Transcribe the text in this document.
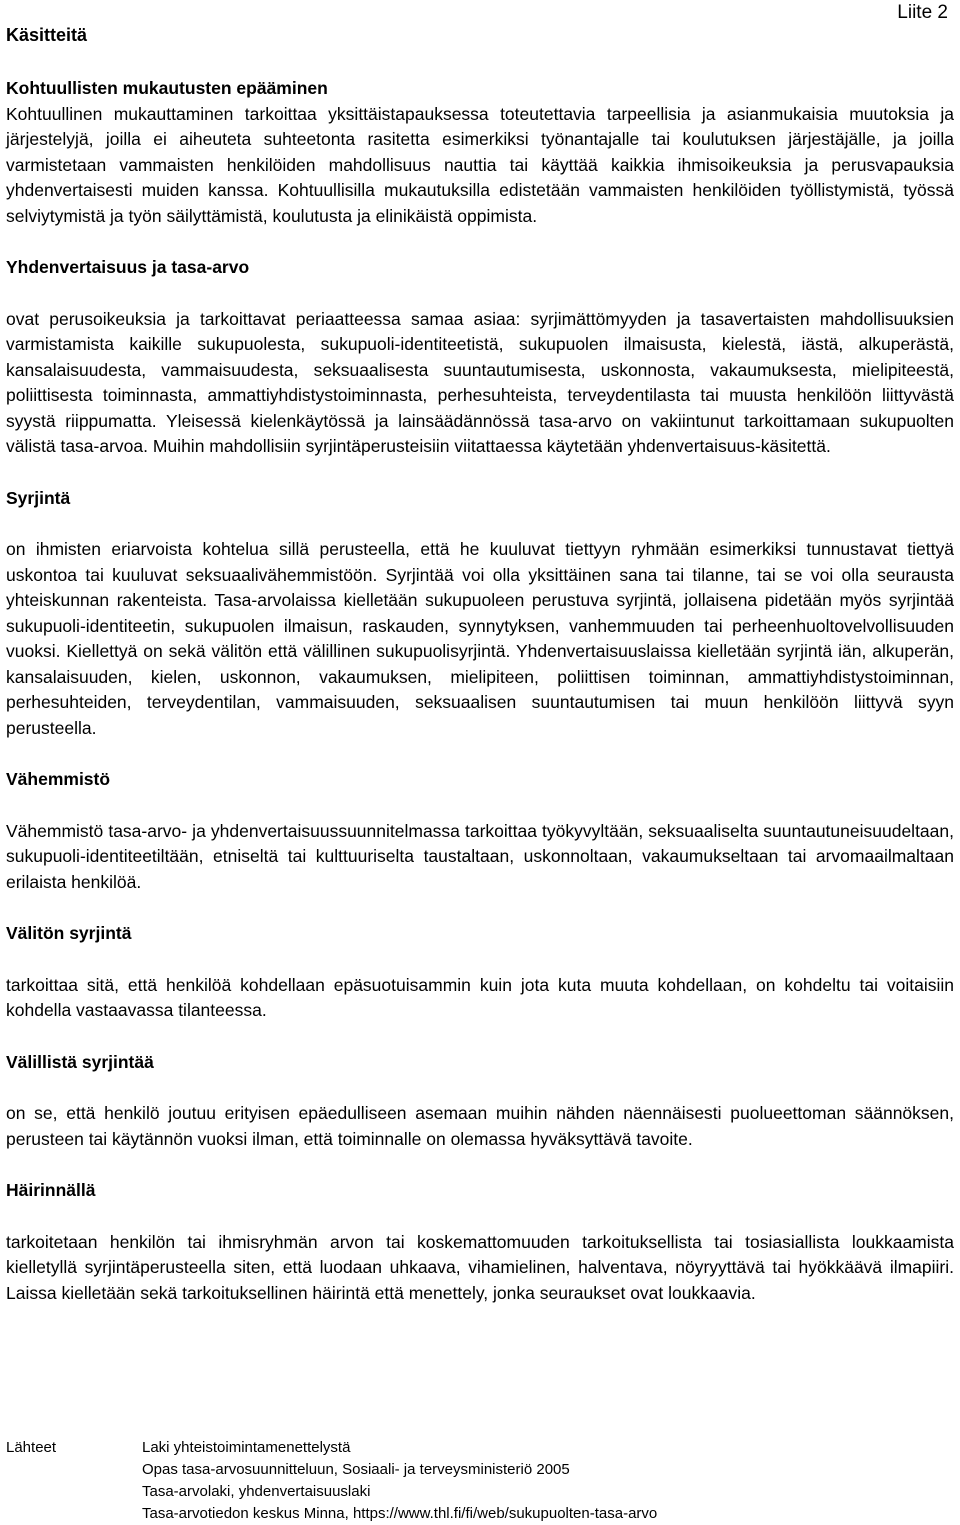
Liite 2
Käsitteitä
Kohtuullisten mukautusten epääminen

Kohtuullinen mukauttaminen tarkoittaa yksittäistapauksessa toteutettavia tarpeellisia ja asianmukaisia muutoksia ja järjestelyjä, joilla ei aiheuteta suhteetonta rasitetta esimerkiksi työnantajalle tai koulutuksen järjestäjälle, ja joilla varmistetaan vammaisten henkilöiden mahdollisuus nauttia tai käyttää kaikkia ihmisoikeuksia ja perusvapauksia yhdenvertaisesti muiden kanssa. Kohtuullisilla mukautuksilla edistetään vammaisten henkilöiden työllistymistä, työssä selviytymistä ja työn säilyttämistä, koulutusta ja elinikäistä oppimista.

Yhdenvertaisuus ja tasa-arvo

ovat perusoikeuksia ja tarkoittavat periaatteessa samaa asiaa: syrjimättömyyden ja tasavertaisten mahdollisuuksien varmistamista kaikille sukupuolesta, sukupuoli-identiteetistä, sukupuolen ilmaisusta, kielestä, iästä, alkuperästä, kansalaisuudesta, vammaisuudesta, seksuaalisesta suuntautumisesta, uskonnosta, vakaumuksesta, mielipiteestä, poliittisesta toiminnasta, ammattiyhdistystoiminnasta, perhesuhteista, terveydentilasta tai muusta henkilöön liittyvästä syystä riippumatta. Yleisessä kielenkäytössä ja lainsäädännössä tasa-arvo on vakiintunut tarkoittamaan sukupuolten välistä tasa-arvoa. Muihin mahdollisiin syrjintäperusteisiin viitattaessa käytetään yhdenvertaisuus-käsitettä.

Syrjintä

on ihmisten eriarvoista kohtelua sillä perusteella, että he kuuluvat tiettyyn ryhmään esimerkiksi tunnustavat tiettyä uskontoa tai kuuluvat seksuaalivähemmistöön. Syrjintää voi olla yksittäinen sana tai tilanne, tai se voi olla seurausta yhteiskunnan rakenteista. Tasa-arvolaissa kielletään sukupuoleen perustuva syrjintä, jollaisena pidetään myös syrjintää sukupuoli-identiteetin, sukupuolen ilmaisun, raskauden, synnytyksen, vanhemmuuden tai perheenhuoltovelvollisuuden vuoksi. Kiellettyä on sekä välitön että välillinen sukupuolisyrjintä. Yhdenvertaisuuslaissa kielletään syrjintä iän, alkuperän, kansalaisuuden, kielen, uskonnon, vakaumuksen, mielipiteen, poliittisen toiminnan, ammattiyhdistystoiminnan, perhesuhteiden, terveydentilan, vammaisuuden, seksuaalisen suuntautumisen tai muun henkilöön liittyvä syyn perusteella.

Vähemmistö

Vähemmistö tasa-arvo- ja yhdenvertaisuussuunnitelmassa tarkoittaa työkyvyltään, seksuaaliselta suuntautuneisuudeltaan, sukupuoli-identiteetiltään, etniseltä tai kulttuuriselta taustaltaan, uskonnoltaan, vakaumukseltaan tai arvomaailmaltaan erilaista henkilöä.

Välitön syrjintä

tarkoittaa sitä, että henkilöä kohdellaan epäsuotuisammin kuin jota kuta muuta kohdellaan, on kohdeltu tai voitaisiin kohdella vastaavassa tilanteessa.

Välillistä syrjintää

on se, että henkilö joutuu erityisen epäedulliseen asemaan muihin nähden näennäisesti puolueettoman säännöksen, perusteen tai käytännön vuoksi ilman, että toiminnalle on olemassa hyväksyttävä tavoite.

Häirinnällä

tarkoitetaan henkilön tai ihmisryhmän arvon tai koskemattomuuden tarkoituksellista tai tosiasiallista loukkaamista kielletyllä syrjintäperusteella siten, että luodaan uhkaava, vihamielinen, halventava, nöyryyttävä tai hyökkäävä ilmapiiri. Laissa kielletään sekä tarkoituksellinen häirintä että menettely, jonka seuraukset ovat loukkaavia.

Lähteet	Laki yhteistoimintamenettelystä
Opas tasa-arvosuunnitteluun, Sosiaali- ja terveysministeriö 2005
Tasa-arvolaki, yhdenvertaisuuslaki
Tasa-arvotiedon keskus Minna, https://www.thl.fi/fi/web/sukupuolten-tasa-arvo
